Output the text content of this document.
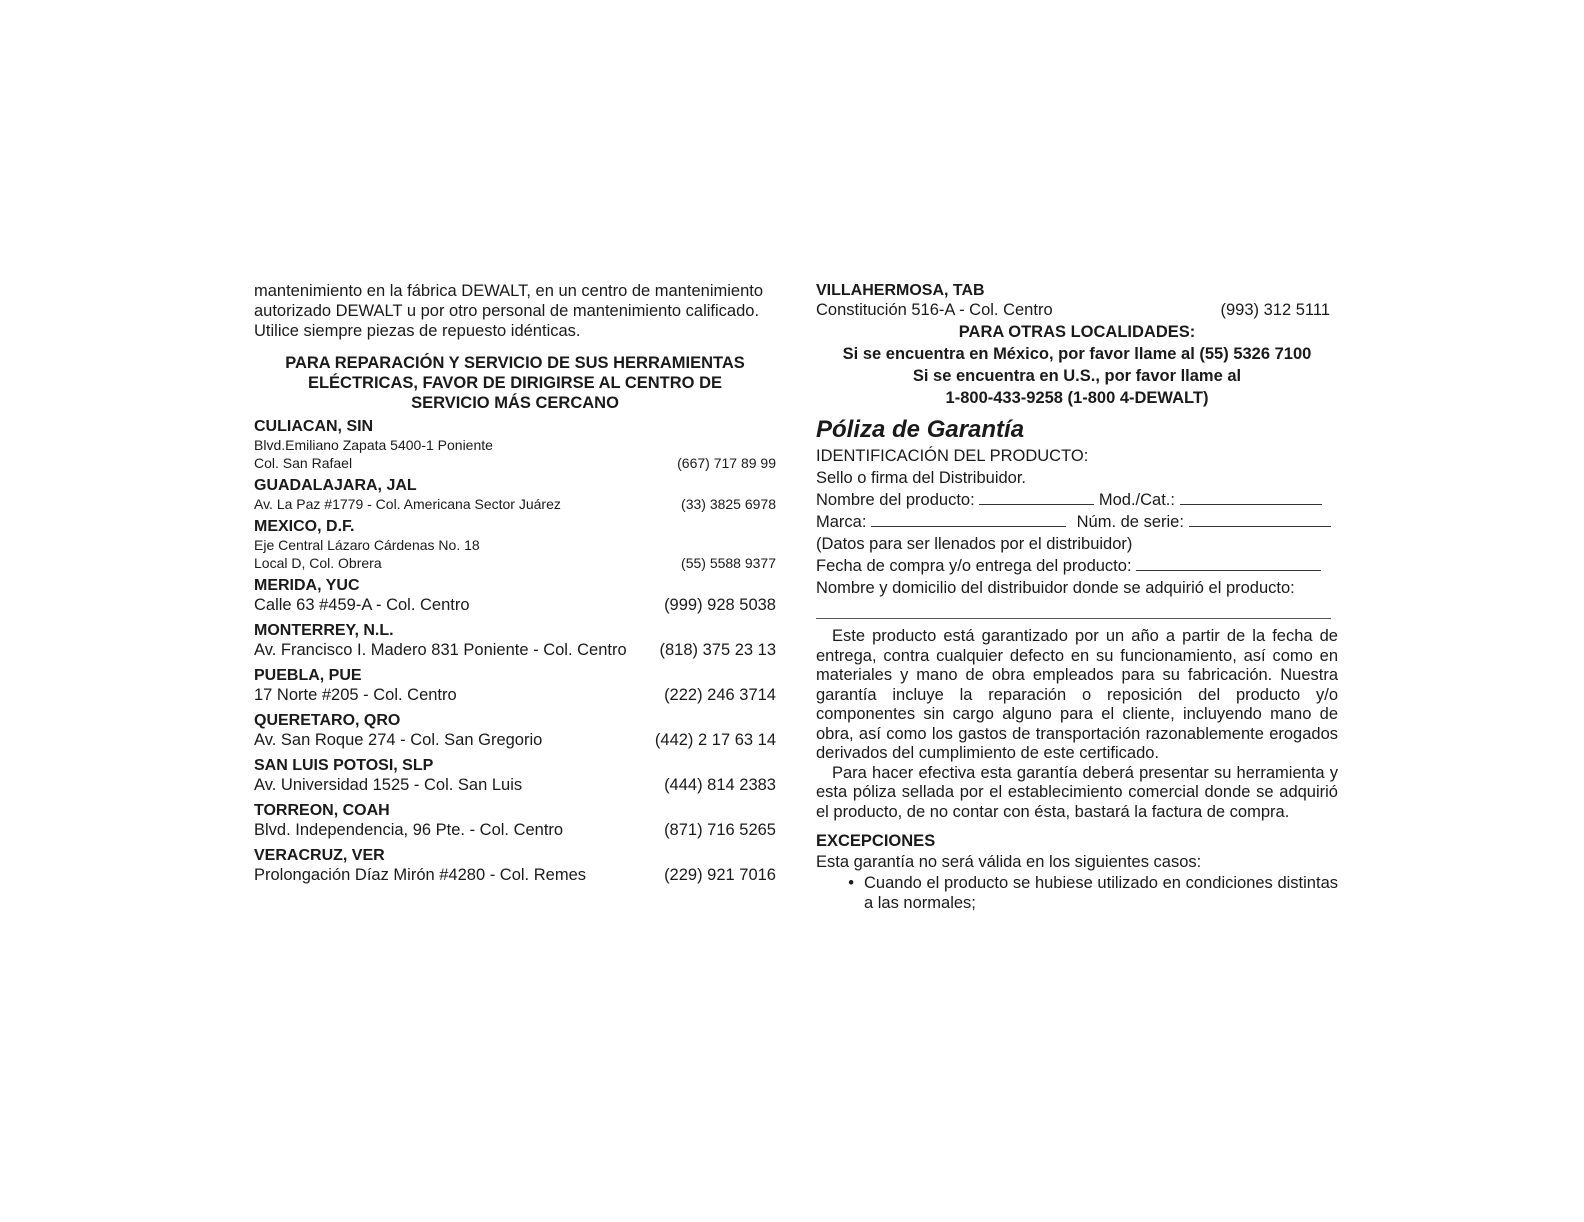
mantenimiento en la fábrica DEWALT, en un centro de mantenimiento
autorizado DEWALT u por otro personal de mantenimiento calificado.
Utilice siempre piezas de repuesto idénticas.

PARA REPARACIÓN Y SERVICIO DE SUS HERRAMIENTAS
ELÉCTRICAS, FAVOR DE DIRIGIRSE AL CENTRO DE
SERVICIO MÁS CERCANO
CULIACAN, SIN
Blvd.Emiliano Zapata 5400-1 Poniente
Col. San Rafael	(667) 717 89 99
GUADALAJARA, JAL
Av. La Paz #1779 - Col. Americana Sector Juárez	(33) 3825 6978
MEXICO, D.F.
Eje Central Lázaro Cárdenas No. 18
Local D, Col. Obrera	(55) 5588 9377
MERIDA, YUC
Calle 63 #459-A - Col. Centro	(999) 928 5038
MONTERREY, N.L.
Av. Francisco I. Madero 831 Poniente - Col. Centro (818) 375 23 13
PUEBLA, PUE
17 Norte #205 - Col. Centro	(222) 246 3714
QUERETARO, QRO
Av. San Roque 274 - Col. San Gregorio	(442) 2 17 63 14
SAN LUIS POTOSI, SLP
Av. Universidad 1525 - Col. San Luis	(444) 814 2383
TORREON, COAH
Blvd. Independencia, 96 Pte. - Col. Centro	(871) 716 5265
VERACRUZ, VER
Prolongación Díaz Mirón #4280 - Col. Remes	(229) 921 7016
VILLAHERMOSA, TAB
Constitución 516-A - Col. Centro	(993) 312 5111
PARA OTRAS LOCALIDADES:
Si se encuentra en México, por favor llame al (55) 5326 7100
Si se encuentra en U.S., por favor llame al
1-800-433-9258 (1-800 4-DEWALT)
Póliza de Garantía
IDENTIFICACIÓN DEL PRODUCTO:
Sello o firma del Distribuidor.
Nombre del producto:	Mod./Cat.:
Marca:	Núm. de serie:
(Datos para ser llenados por el distribuidor)
Fecha de compra y/o entrega del producto:
Nombre y domicilio del distribuidor donde se adquirió el producto:

Este producto está garantizado por un año a partir de la fecha de entrega, contra cualquier defecto en su funcionamiento, así como en materiales y mano de obra empleados para su fabricación. Nuestra garantía incluye la reparación o reposición del producto y/o componentes sin cargo alguno para el cliente, incluyendo mano de obra, así como los gastos de transportación razonablemente erogados derivados del cumplimiento de este certificado.

Para hacer efectiva esta garantía deberá presentar su herramienta y esta póliza sellada por el establecimiento comercial donde se adquirió el producto, de no contar con ésta, bastará la factura de compra.

EXCEPCIONES
Esta garantía no será válida en los siguientes casos:
• Cuando el producto se hubiese utilizado en condiciones distintas a las normales;
